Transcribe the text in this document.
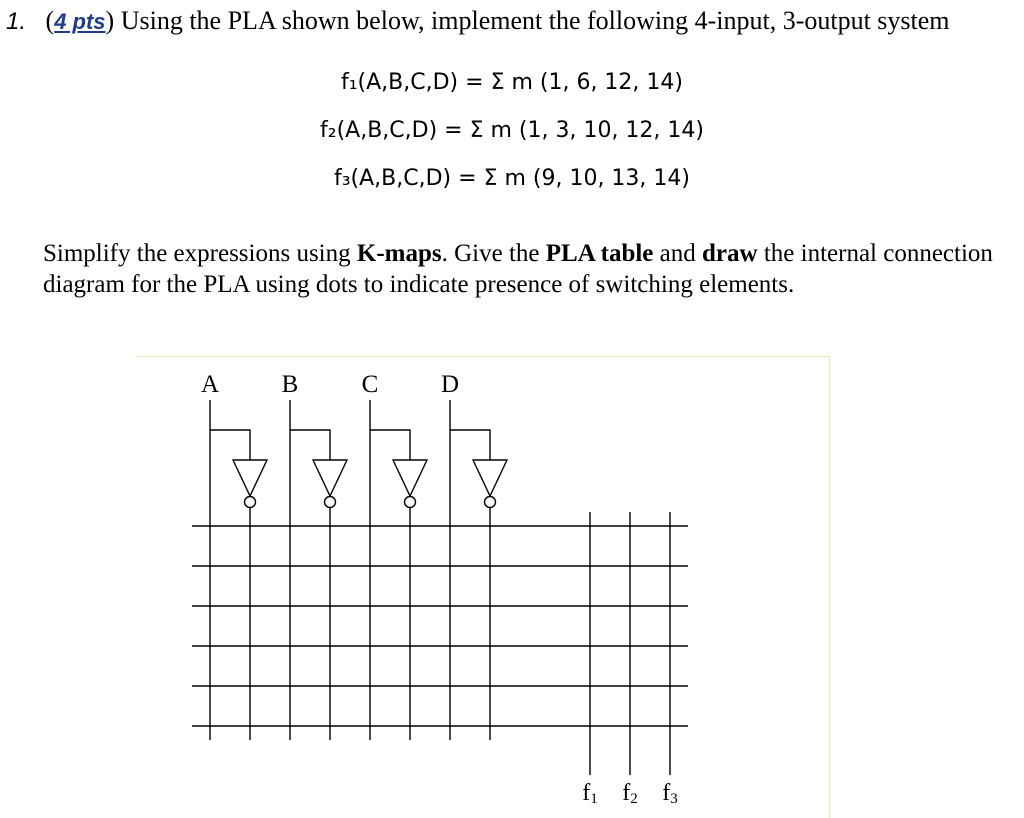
1.   (4 pts) Using the PLA shown below, implement the following 4-input, 3-output system
f₁(A,B,C,D) = Σ m (1, 6, 12, 14)
f₂(A,B,C,D) = Σ m (1, 3, 10, 12, 14)
f₃(A,B,C,D) = Σ m (9, 10, 13, 14)
Simplify the expressions using K-maps. Give the PLA table and draw the internal connection diagram for the PLA using dots to indicate presence of switching elements.
A	B	C	D
f1 f2 f3
